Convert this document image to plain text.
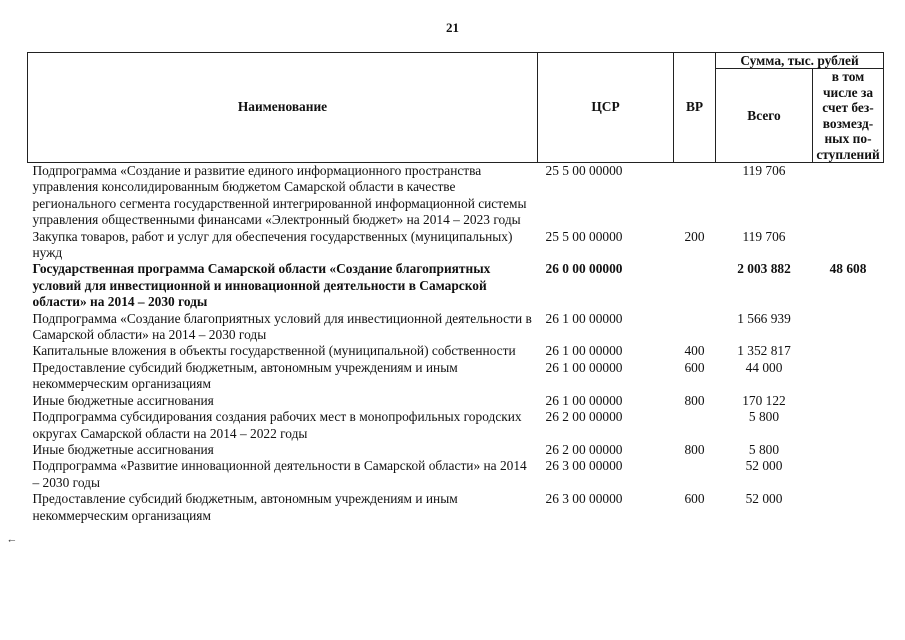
21
↓
Наименование	ЦСР	ВР	Сумма, тыс. рублей	
			Всего	в том числе за счет без-возмезд-ных по-ступлений
Подпрограмма «Создание и развитие единого информационного пространства управления консолидированным бюджетом Самарской области в качестве регионального сегмента государственной интегрированной информационной системы управления общественными финансами «Электронный бюджет» на 2014 – 2023 годы	25 5 00 00000		119 706	
Закупка товаров, работ и услуг для обеспечения государственных (муниципальных) нужд	25 5 00 00000	200	119 706	
Государственная программа Самарской области «Создание благоприятных условий для инвестиционной и инновационной деятельности в Самарской области» на 2014 – 2030 годы	26 0 00 00000		2 003 882	48 608
Подпрограмма «Создание благоприятных условий для инвестиционной деятельности в Самарской области» на 2014 – 2030 годы	26 1 00 00000		1 566 939	
Капитальные вложения в объекты государственной (муниципальной) собственности	26 1 00 00000	400	1 352 817	
Предоставление субсидий бюджетным, автономным учреждениям и иным некоммерческим организациям	26 1 00 00000	600	44 000	
Иные бюджетные ассигнования	26 1 00 00000	800	170 122	
Подпрограмма субсидирования создания рабочих мест в монопрофильных городских округах Самарской области на 2014 – 2022 годы	26 2 00 00000		5 800	
Иные бюджетные ассигнования	26 2 00 00000	800	5 800	
Подпрограмма «Развитие инновационной деятельности в Самарской области» на 2014 – 2030 годы	26 3 00 00000		52 000	
Предоставление субсидий бюджетным, автономным учреждениям и иным некоммерческим организациям	26 3 00 00000	600	52 000	
